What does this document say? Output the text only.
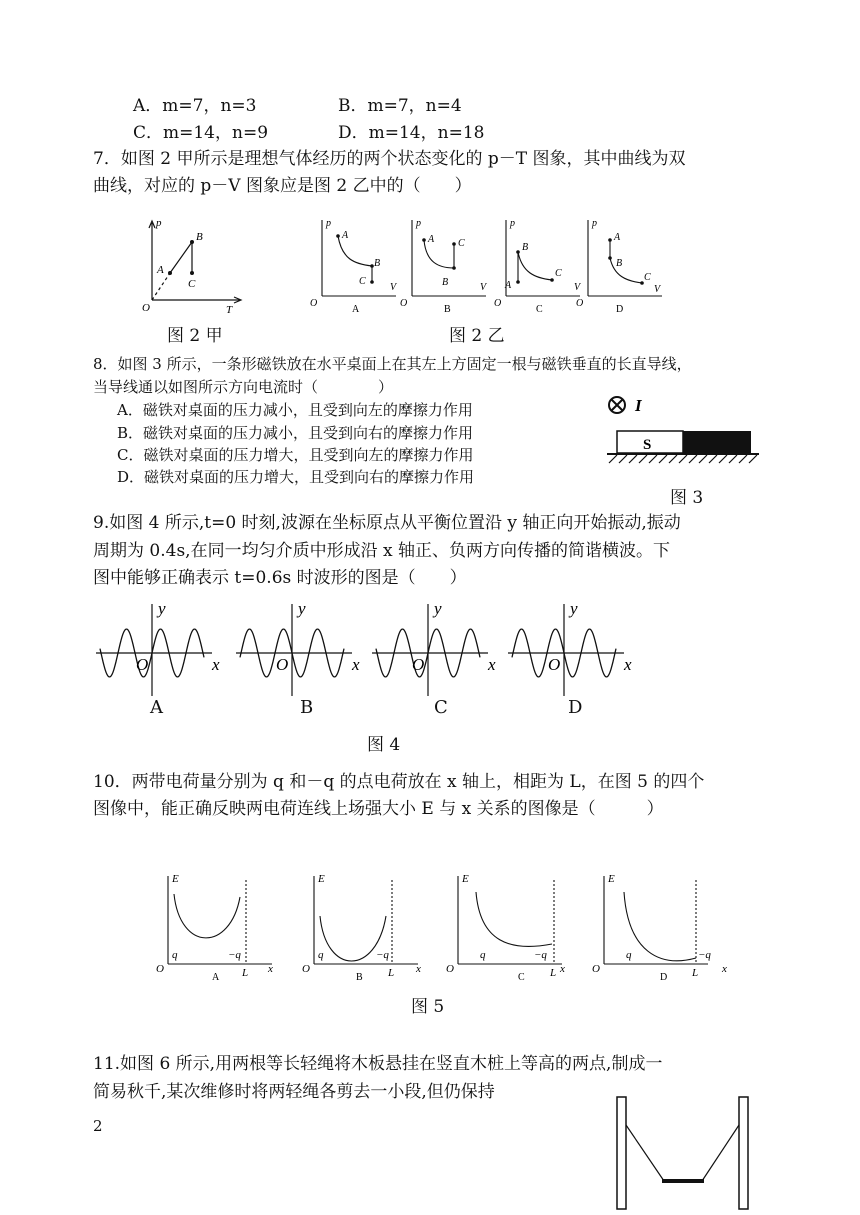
A．m=7，n=3	B．m=7，n=4
C．m=14，n=9	D．m=14，n=18
7．如图 2 甲所示是理想气体经历的两个状态变化的 p－T 图象，其中曲线为双
曲线，对应的 p－V 图象应是图 2 乙中的（　　）
p
B
A
C
O	T
图 2 甲
p
A
B
C
O
V
p
A C
B
O
V
p
B
C
A
O
V
p
A
B
C
O
V
A	B	C	D
图 2 乙
8．如图 3 所示，一条形磁铁放在水平桌面上在其左上方固定一根与磁铁垂直的长直导线，
当导线通以如图所示方向电流时（　　　　）
A．磁铁对桌面的压力减小，且受到向左的摩擦力作用
B．磁铁对桌面的压力减小，且受到向右的摩擦力作用
C．磁铁对桌面的压力增大，且受到向左的摩擦力作用
D．磁铁对桌面的压力增大，且受到向右的摩擦力作用
I
S
图 3
9.如图 4 所示,t=0 时刻,波源在坐标原点从平衡位置沿 y 轴正向开始振动,振动
周期为 0.4s,在同一均匀介质中形成沿 x 轴正、负两方向传播的简谐横波。下
图中能够正确表示 t=0.6s 时波形的图是（　　）
y
x
O
y
x
O
y
x
O
y
x
O
A	B	C	D
图 4
10．两带电荷量分别为 q 和－q 的点电荷放在 x 轴上，相距为 L，在图 5 的四个
图像中，能正确反映两电荷连线上场强大小 E 与 x 关系的图像是（　　　）
E
q	−q
O	L x
E
q	−q
O	L x
E
q	−q
O	L x
E
q	−q
O	L x
A	B	C	D
图 5
11.如图 6 所示,用两根等长轻绳将木板悬挂在竖直木桩上等高的两点,制成一
简易秋千,某次维修时将两轻绳各剪去一小段,但仍保持
2
